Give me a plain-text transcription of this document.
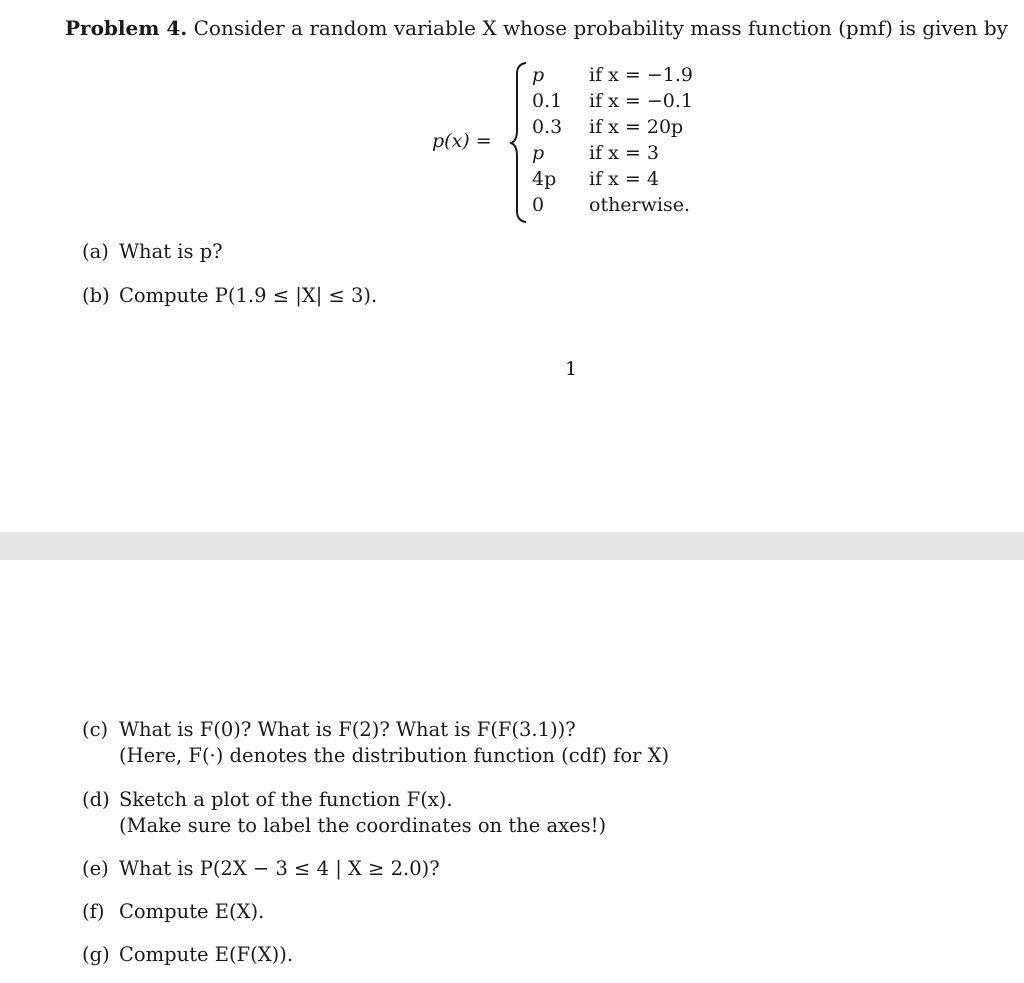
Problem 4. Consider a random variable X whose probability mass function (pmf) is given by
p(x) =
p if x = −1.9
0.1 if x = −0.1
0.3 if x = 20p
p if x = 3
4p if x = 4
0 otherwise.
(a) What is p?
(b) Compute P(1.9 ≤ |X| ≤ 3).
1
(c) What is F(0)? What is F(2)? What is F(F(3.1))?
(Here, F(·) denotes the distribution function (cdf) for X)
(d) Sketch a plot of the function F(x).
(Make sure to label the coordinates on the axes!)
(e) What is P(2X − 3 ≤ 4 | X ≥ 2.0)?
(f) Compute E(X).
(g) Compute E(F(X)).
